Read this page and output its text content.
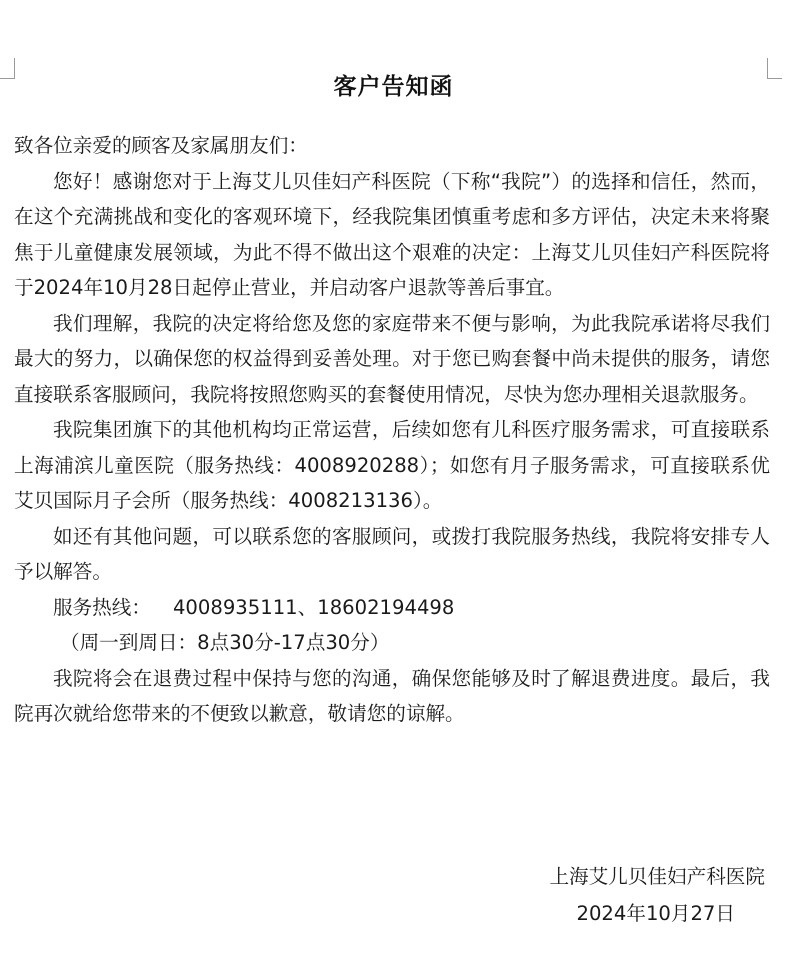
客户告知函

致各位亲爱的顾客及家属朋友们：

您好！感谢您对于上海艾儿贝佳妇产科医院（下称“我院”）的选择和信任，然而，在这个充满挑战和变化的客观环境下，经我院集团慎重考虑和多方评估，决定未来将聚焦于儿童健康发展领域，为此不得不做出这个艰难的决定：上海艾儿贝佳妇产科医院将于2024年10月28日起停止营业，并启动客户退款等善后事宜。

我们理解，我院的决定将给您及您的家庭带来不便与影响，为此我院承诺将尽我们最大的努力，以确保您的权益得到妥善处理。对于您已购套餐中尚未提供的服务，请您直接联系客服顾问，我院将按照您购买的套餐使用情况，尽快为您办理相关退款服务。

我院集团旗下的其他机构均正常运营，后续如您有儿科医疗服务需求，可直接联系上海浦滨儿童医院（服务热线：4008920288）；如您有月子服务需求，可直接联系优艾贝国际月子会所（服务热线：4008213136）。

如还有其他问题，可以联系您的客服顾问，或拨打我院服务热线，我院将安排专人予以解答。

服务热线： 4008935111、18602194498

（周一到周日：8点30分-17点30分）

我院将会在退费过程中保持与您的沟通，确保您能够及时了解退费进度。最后，我院再次就给您带来的不便致以歉意，敬请您的谅解。

上海艾儿贝佳妇产科医院
2024年10月27日
